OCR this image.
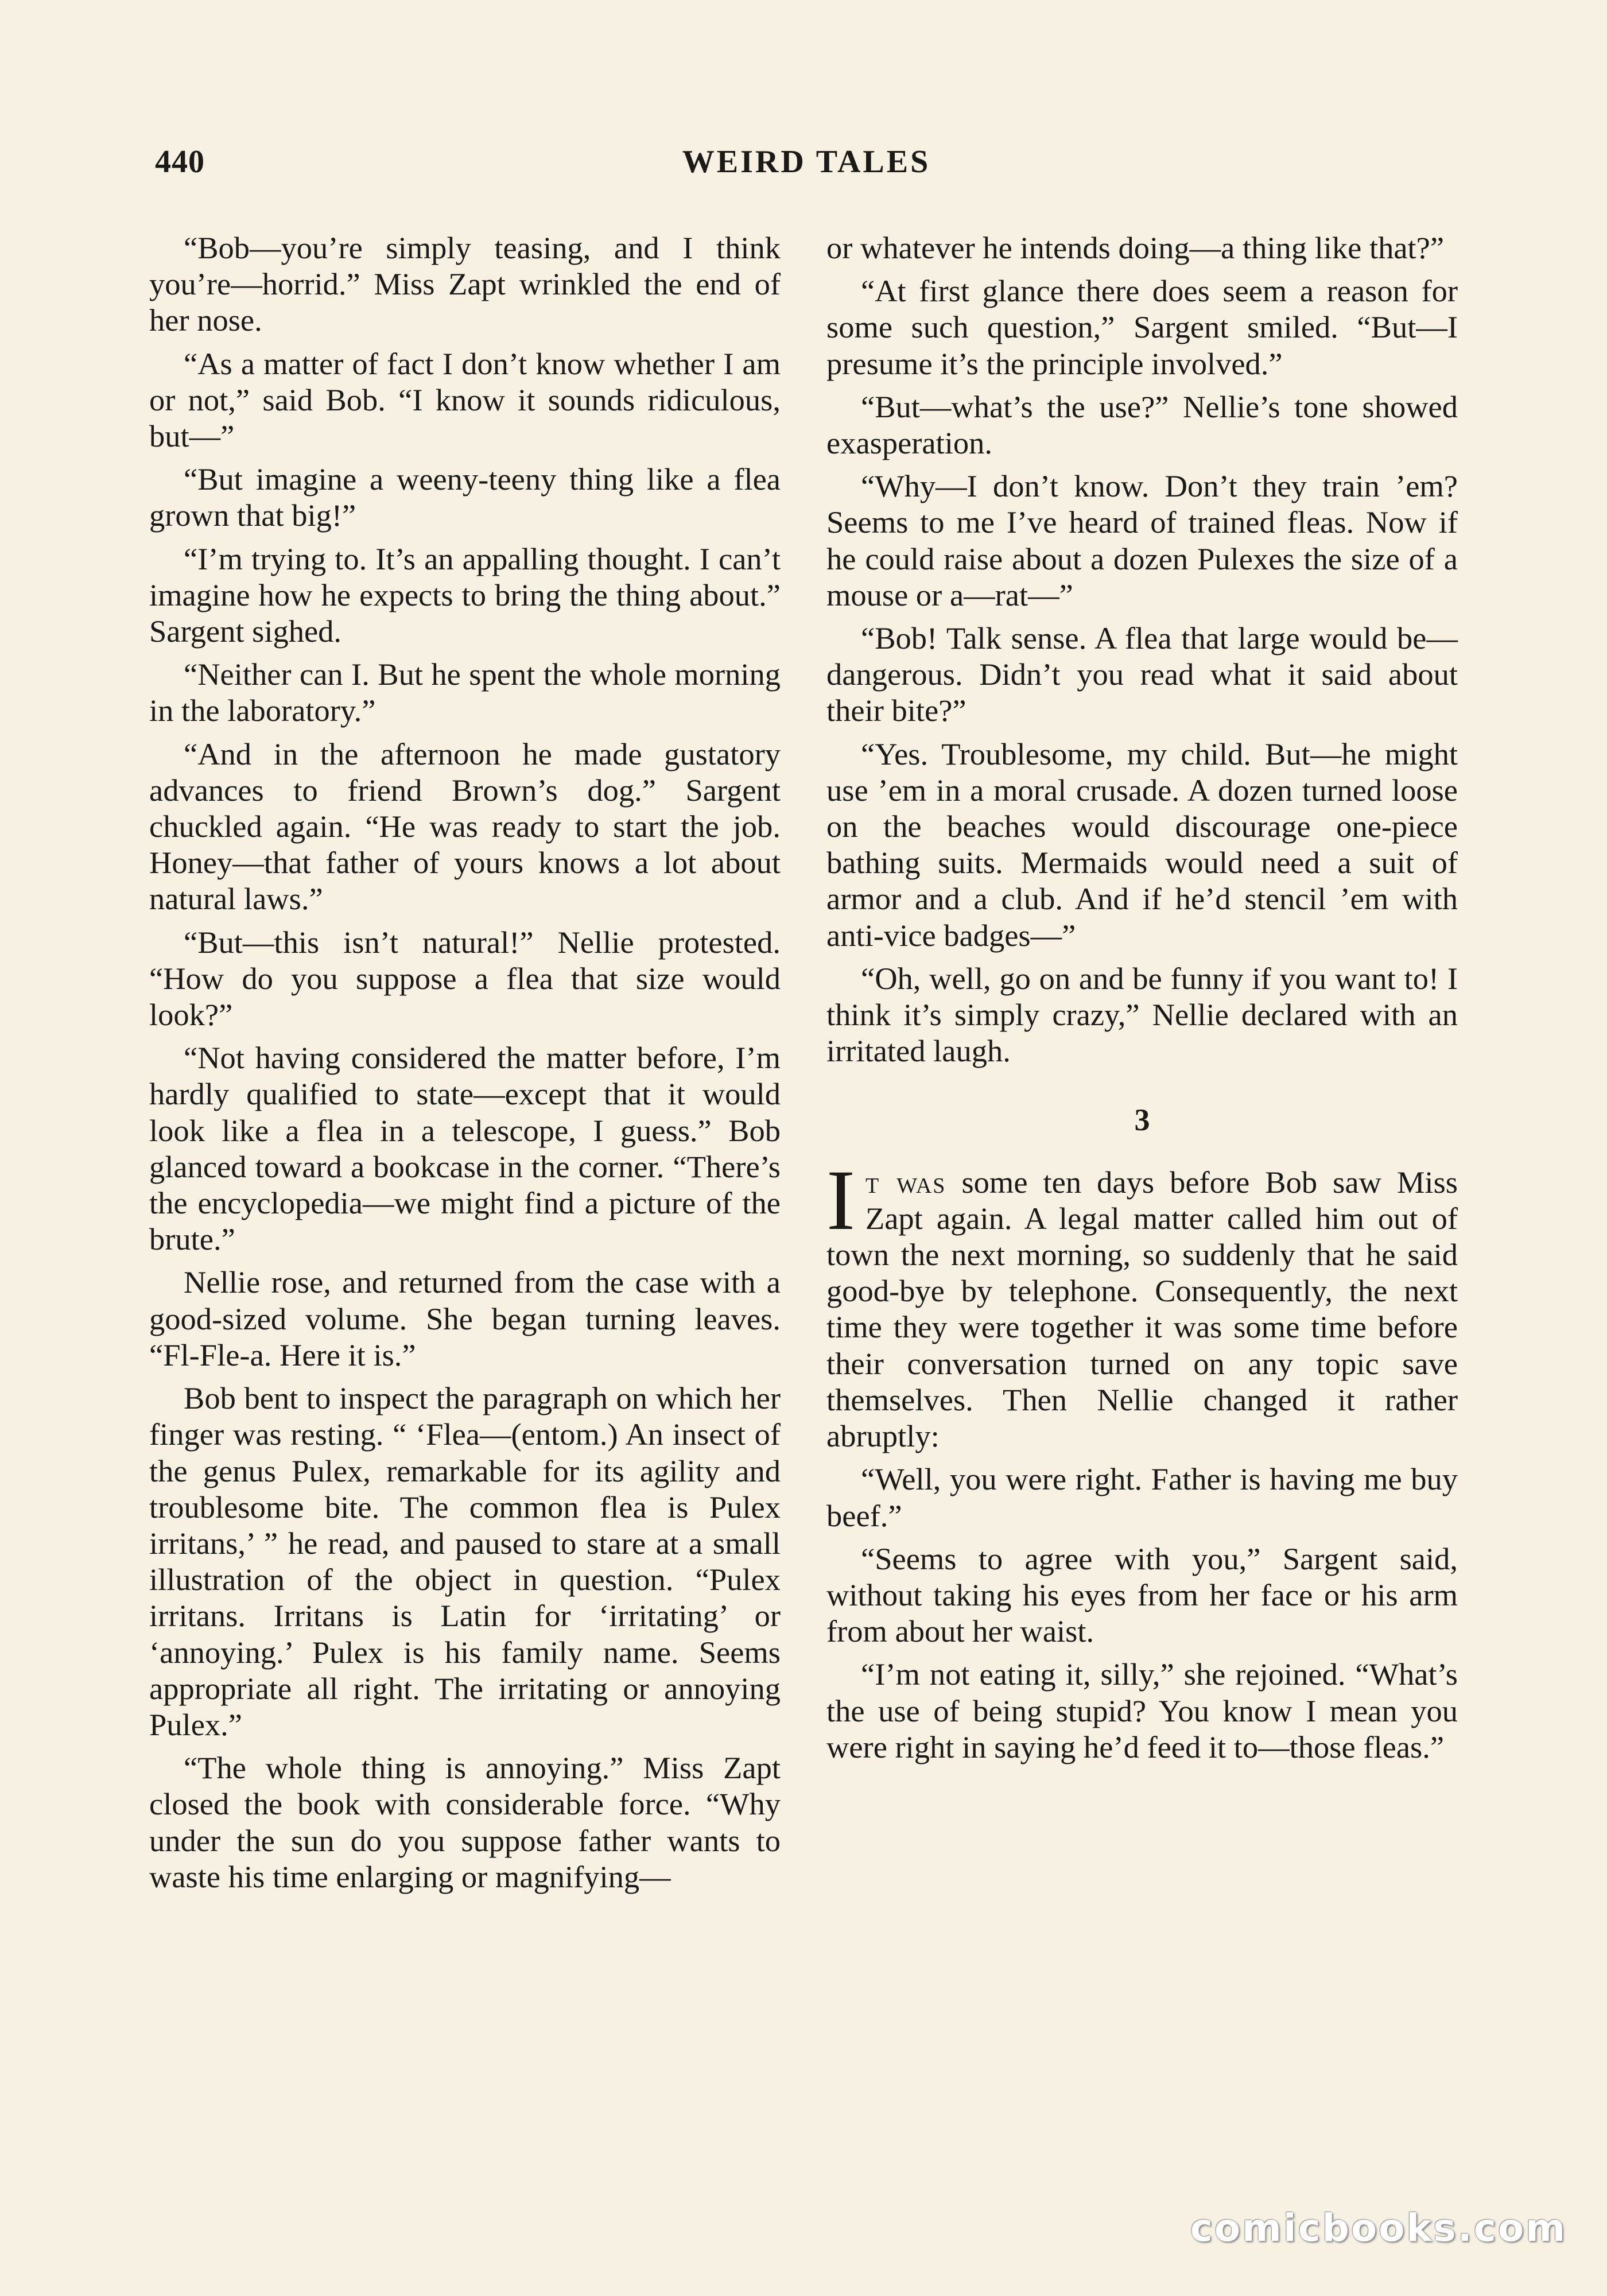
440	WEIRD TALES

“Bob—you’re simply teasing, and I think you’re—horrid.” Miss Zapt wrinkled the end of her nose.

“As a matter of fact I don’t know whether I am or not,” said Bob. “I know it sounds ridiculous, but—”

“But imagine a weeny-teeny thing like a flea grown that big!”

“I’m trying to. It’s an appalling thought. I can’t imagine how he expects to bring the thing about.” Sargent sighed.

“Neither can I. But he spent the whole morning in the laboratory.”

“And in the afternoon he made gustatory advances to friend Brown’s dog.” Sargent chuckled again. “He was ready to start the job. Honey—that father of yours knows a lot about natural laws.”

“But—this isn’t natural!” Nellie protested. “How do you suppose a flea that size would look?”

“Not having considered the matter before, I’m hardly qualified to state—except that it would look like a flea in a telescope, I guess.” Bob glanced toward a bookcase in the corner. “There’s the encyclopedia—we might find a picture of the brute.”

Nellie rose, and returned from the case with a good-sized volume. She began turning leaves. “Fl-Fle-a. Here it is.”

Bob bent to inspect the paragraph on which her finger was resting. “ ‘Flea—(entom.) An insect of the genus Pulex, remarkable for its agility and troublesome bite. The common flea is Pulex irritans,’ ” he read, and paused to stare at a small illustration of the object in question. “Pulex irritans. Irritans is Latin for ‘irritating’ or ‘annoying.’ Pulex is his family name. Seems appropriate all right. The irritating or annoying Pulex.”

“The whole thing is annoying.” Miss Zapt closed the book with considerable force. “Why under the sun do you suppose father wants to waste his time enlarging or magnifying—

or whatever he intends doing—a thing like that?”

“At first glance there does seem a reason for some such question,” Sargent smiled. “But—I presume it’s the principle involved.”

“But—what’s the use?” Nellie’s tone showed exasperation.

“Why—I don’t know. Don’t they train ’em? Seems to me I’ve heard of trained fleas. Now if he could raise about a dozen Pulexes the size of a mouse or a—rat—”

“Bob! Talk sense. A flea that large would be—dangerous. Didn’t you read what it said about their bite?”

“Yes. Troublesome, my child. But—he might use ’em in a moral crusade. A dozen turned loose on the beaches would discourage one-piece bathing suits. Mermaids would need a suit of armor and a club. And if he’d stencil ’em with anti-vice badges—”

“Oh, well, go on and be funny if you want to! I think it’s simply crazy,” Nellie declared with an irritated laugh.

3

It was some ten days before Bob saw Miss Zapt again. A legal matter called him out of town the next morning, so suddenly that he said good-bye by telephone. Consequently, the next time they were together it was some time before their conversation turned on any topic save themselves. Then Nellie changed it rather abruptly:

“Well, you were right. Father is having me buy beef.”

“Seems to agree with you,” Sargent said, without taking his eyes from her face or his arm from about her waist.

“I’m not eating it, silly,” she rejoined. “What’s the use of being stupid? You know I mean you were right in saying he’d feed it to—those fleas.”

comicbooks.com
